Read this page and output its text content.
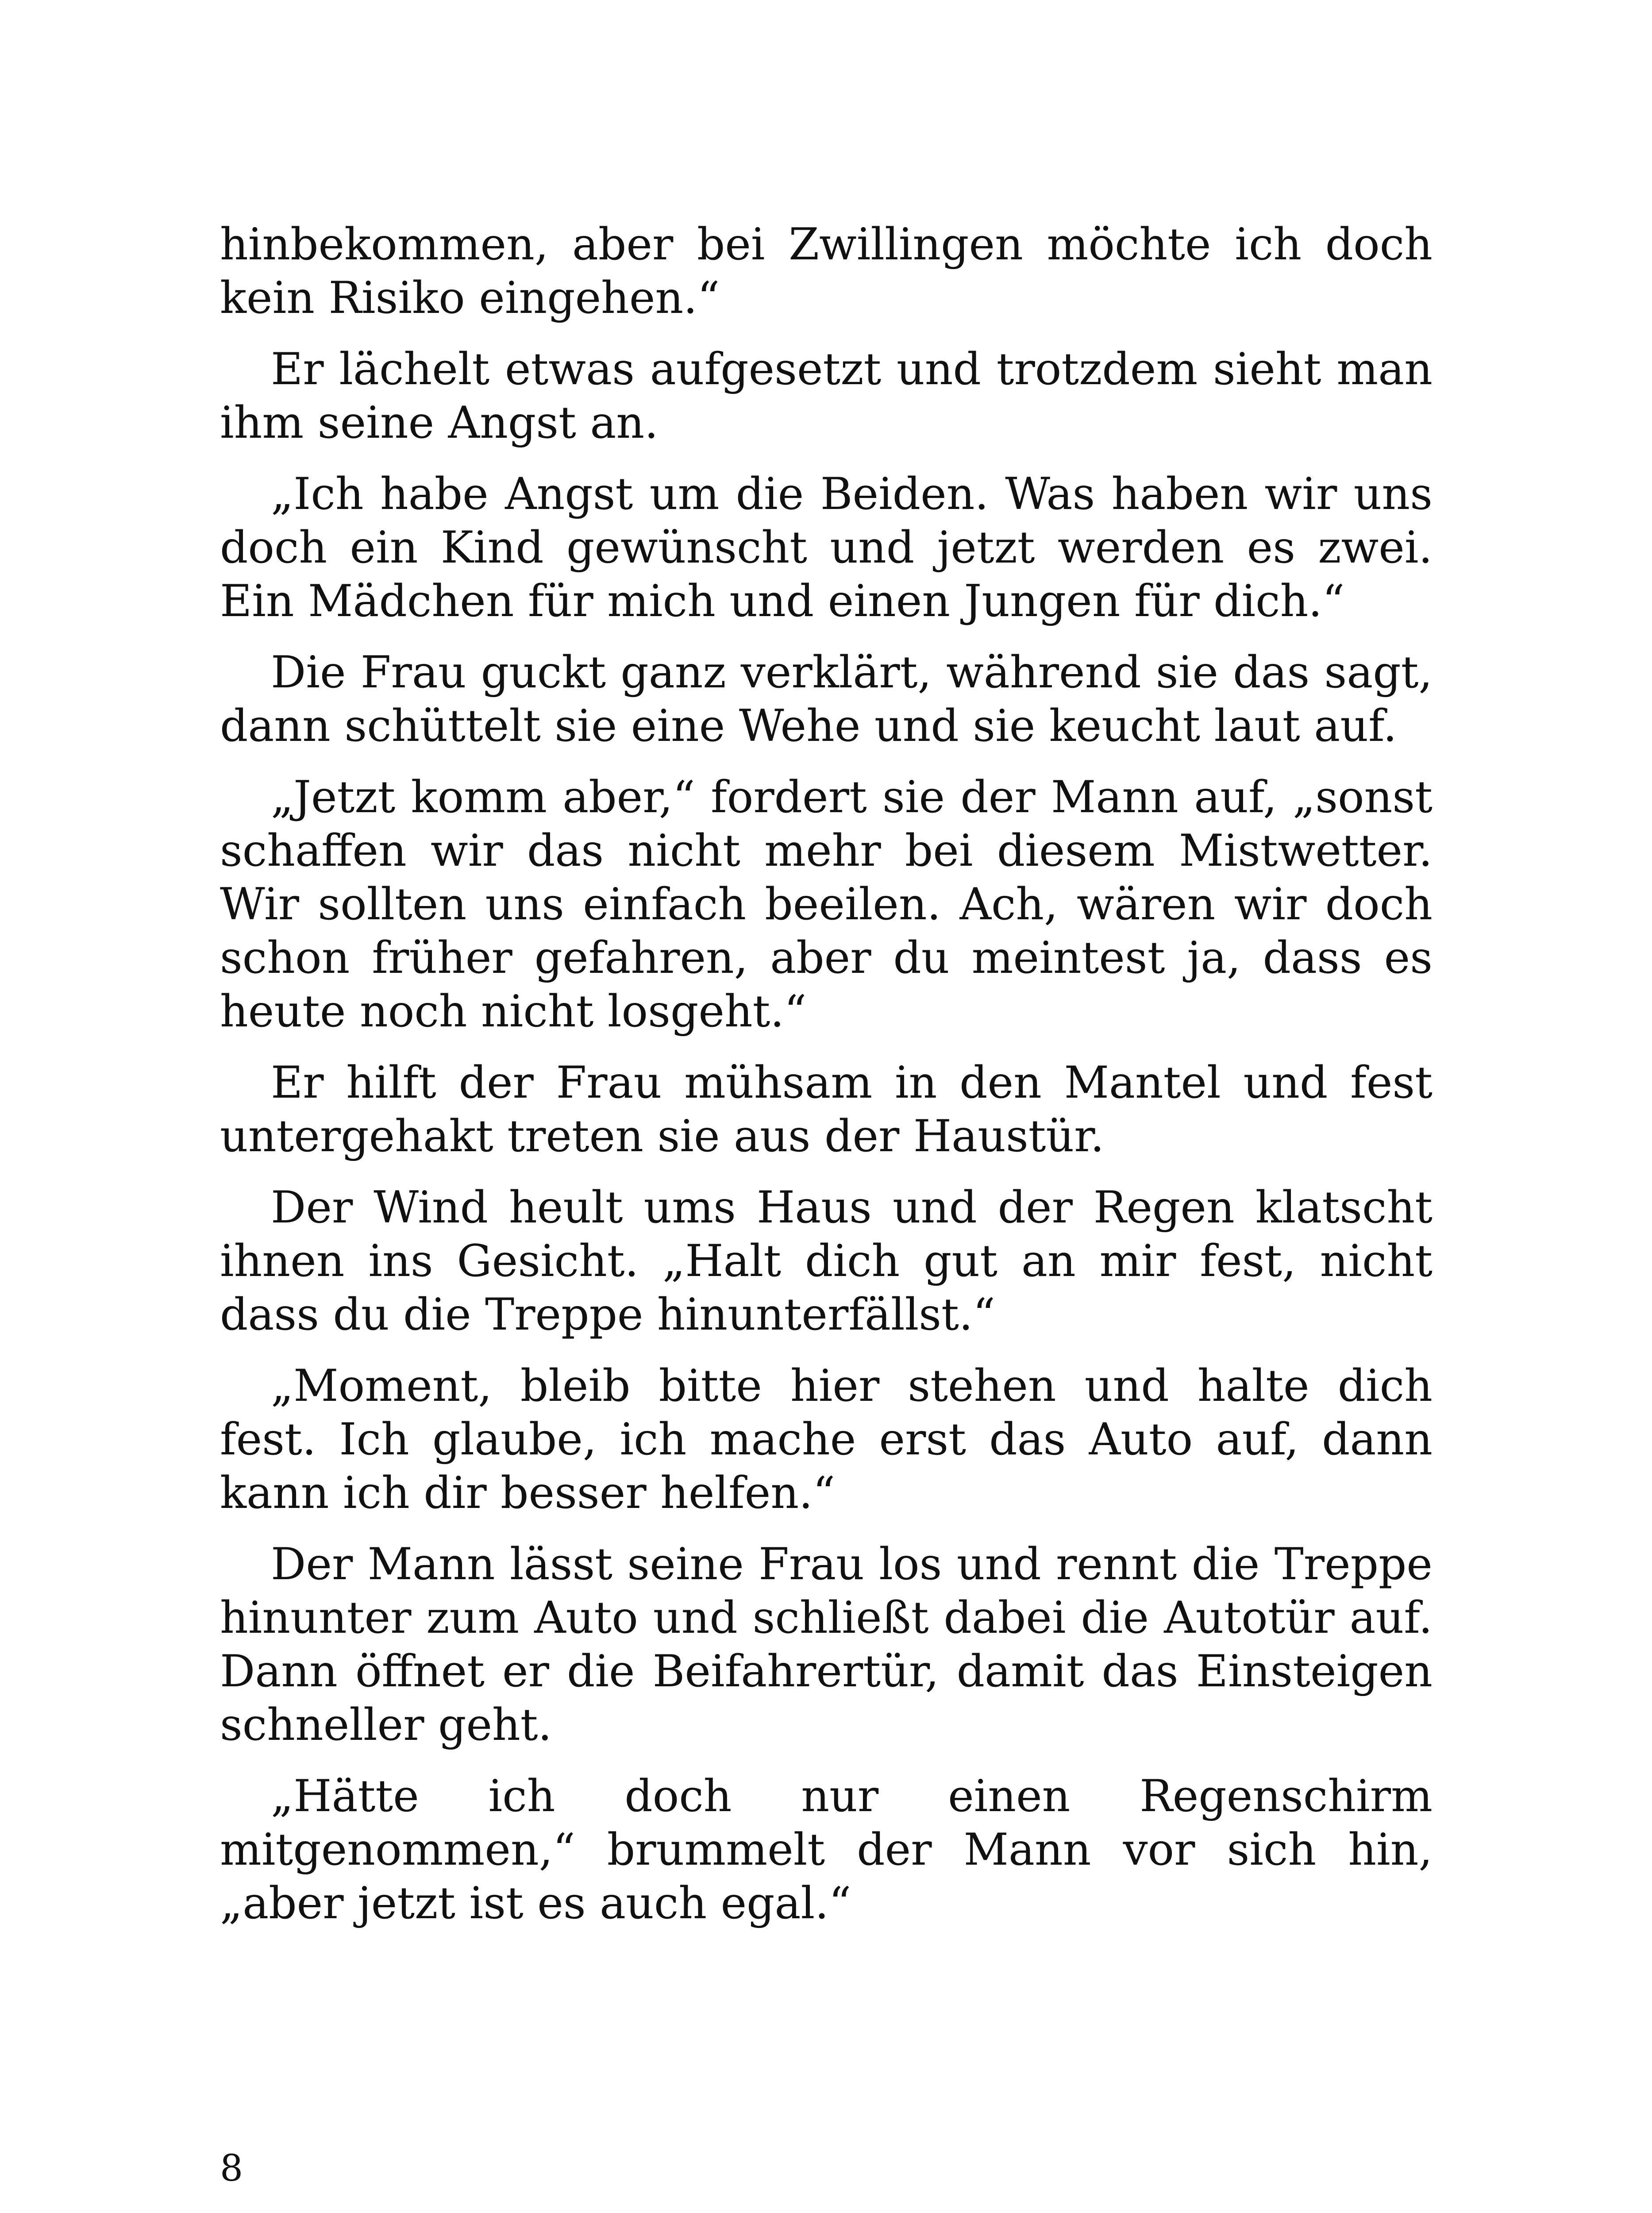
hinbekommen, aber bei Zwillingen möchte ich doch kein Risiko eingehen.“

Er lächelt etwas aufgesetzt und trotzdem sieht man ihm seine Angst an.

„Ich habe Angst um die Beiden. Was haben wir uns doch ein Kind gewünscht und jetzt werden es zwei. Ein Mädchen für mich und einen Jungen für dich.“

Die Frau guckt ganz verklärt, während sie das sagt, dann schüttelt sie eine Wehe und sie keucht laut auf.

„Jetzt komm aber,“ fordert sie der Mann auf, „sonst schaffen wir das nicht mehr bei diesem Mistwetter. Wir sollten uns einfach beeilen. Ach, wären wir doch schon früher gefahren, aber du meintest ja, dass es heute noch nicht losgeht.“

Er hilft der Frau mühsam in den Mantel und fest untergehakt treten sie aus der Haustür.

Der Wind heult ums Haus und der Regen klatscht ihnen ins Gesicht. „Halt dich gut an mir fest, nicht dass du die Treppe hinunterfällst.“

„Moment, bleib bitte hier stehen und halte dich fest. Ich glaube, ich mache erst das Auto auf, dann kann ich dir besser helfen.“

Der Mann lässt seine Frau los und rennt die Treppe hinunter zum Auto und schließt dabei die Autotür auf. Dann öffnet er die Beifahrertür, damit das Einsteigen schneller geht.

„Hätte ich doch nur einen Regenschirm mitgenommen,“ brummelt der Mann vor sich hin, „aber jetzt ist es auch egal.“

8
